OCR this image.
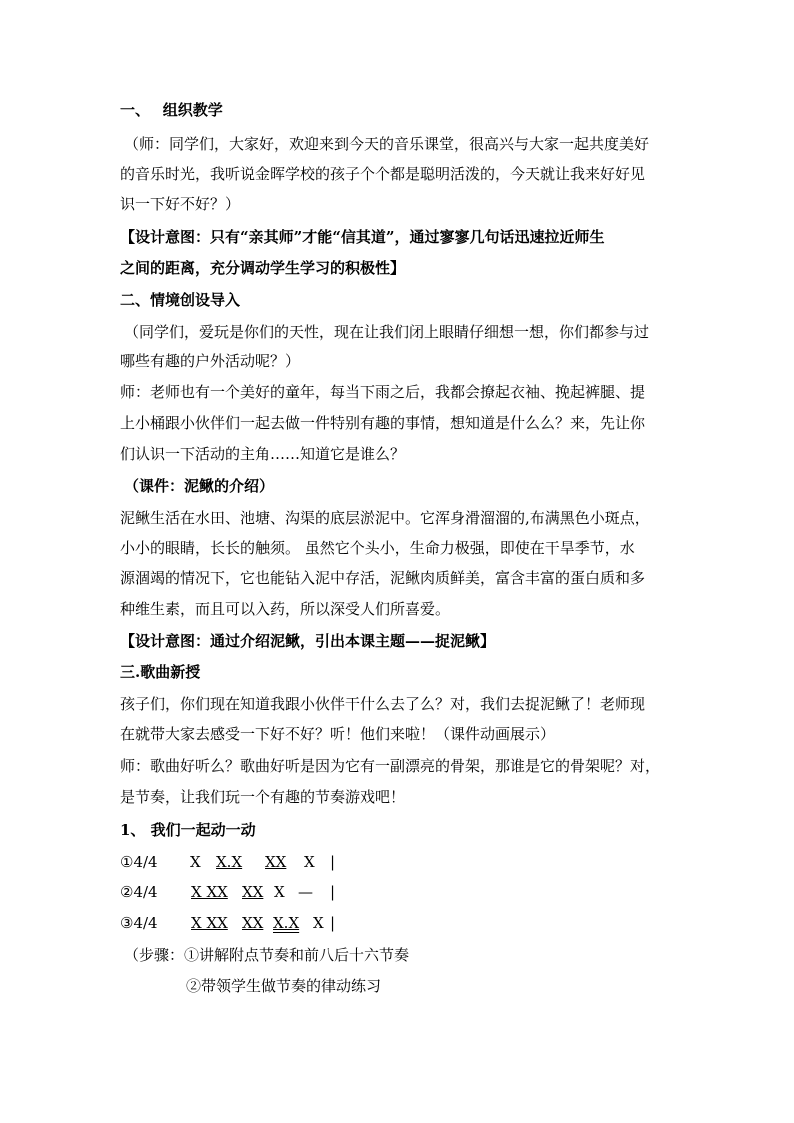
一、　 组织教学
（师：同学们，大家好，欢迎来到今天的音乐课堂，很高兴与大家一起共度美好
的音乐时光，我听说金晖学校的孩子个个都是聪明活泼的，今天就让我来好好见
识一下好不好？）
【设计意图：只有“亲其师”才能“信其道”，通过寥寥几句话迅速拉近师生
之间的距离，充分调动学生学习的积极性】
二、情境创设导入
（同学们，爱玩是你们的天性，现在让我们闭上眼睛仔细想一想，你们都参与过
哪些有趣的户外活动呢？）
师：老师也有一个美好的童年，每当下雨之后，我都会撩起衣袖、挽起裤腿、提
上小桶跟小伙伴们一起去做一件特别有趣的事情，想知道是什么么？来，先让你
们认识一下活动的主角……知道它是谁么？
（课件：泥鳅的介绍）
泥鳅生活在水田、池塘、沟渠的底层淤泥中。它浑身滑溜溜的,布满黑色小斑点，
小小的眼睛，长长的触须。 虽然它个头小，生命力极强，即使在干旱季节，水
源涸竭的情况下，它也能钻入泥中存活，泥鳅肉质鲜美，富含丰富的蛋白质和多
种维生素，而且可以入药，所以深受人们所喜爱。
【设计意图：通过介绍泥鳅，引出本课主题——捉泥鳅】
三.歌曲新授
孩子们，你们现在知道我跟小伙伴干什么去了么？对，我们去捉泥鳅了！老师现
在就带大家去感受一下好不好？听！他们来啦！（课件动画展示）
师：歌曲好听么？歌曲好听是因为它有一副漂亮的骨架，那谁是它的骨架呢？对，
是节奏，让我们玩一个有趣的节奏游戏吧！
1、 我们一起动一动
①4/4 X X.X XX X |
②4/4 X XX XX X — |
③4/4 X XX XX X.X X |
（步骤：①讲解附点节奏和前八后十六节奏
②带领学生做节奏的律动练习
